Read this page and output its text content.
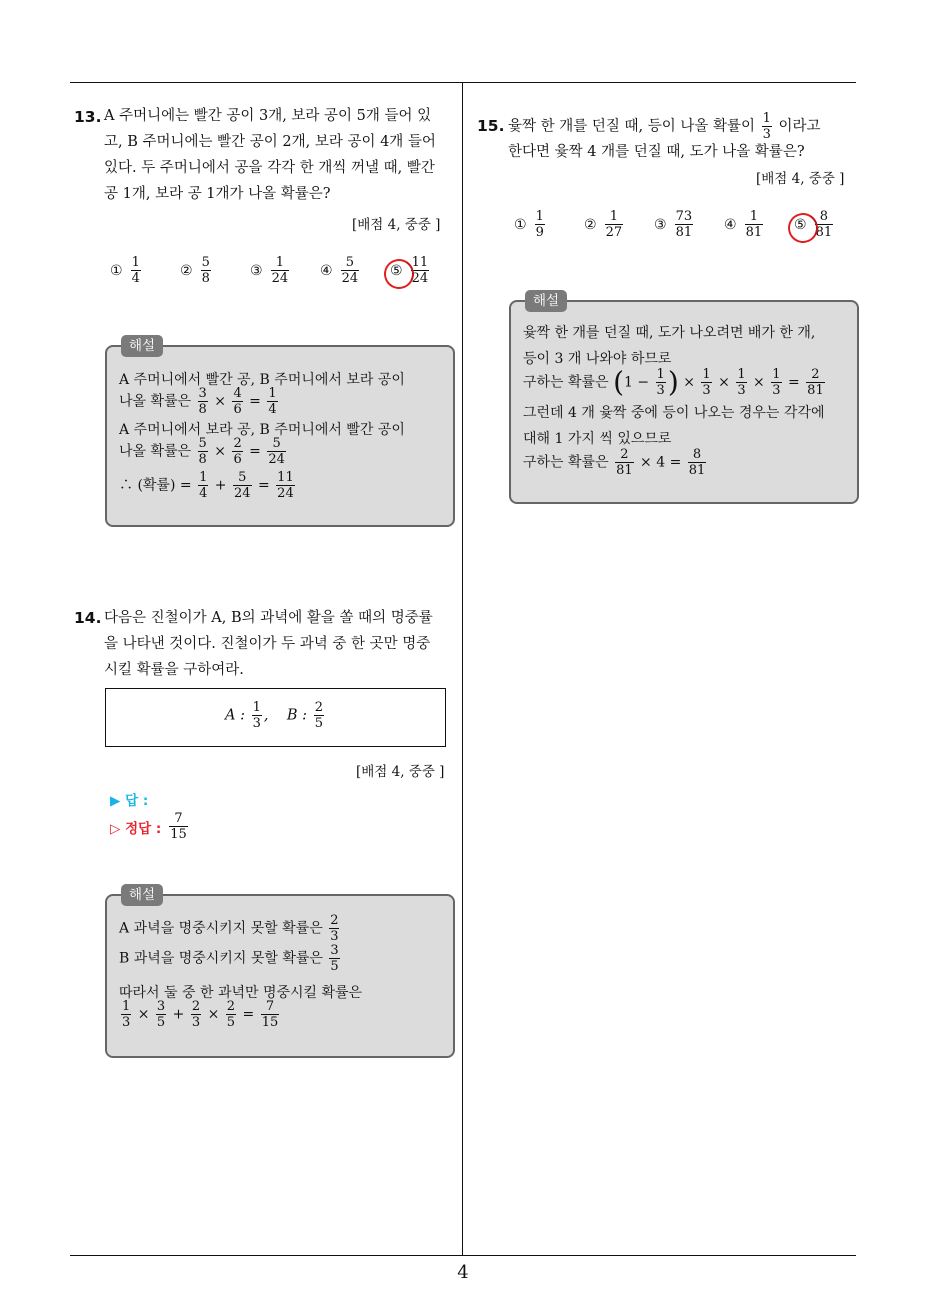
4
13. A 주머니에는 빨간 공이 3개, 보라 공이 5개 들어 있
고, B 주머니에는 빨간 공이 2개, 보라 공이 4개 들어
있다. 두 주머니에서 공을 각각 한 개씩 꺼낼 때, 빨간
공 1개, 보라 공 1개가 나올 확률은?
[배점 4, 중중 ]
① $\frac{1}{4}$	② $\frac{5}{8}$	③ $\frac{1}{24}$ ④ $\frac{5}{24}$ ⑤ $\frac{11}{24}$
해설
A 주머니에서 빨간 공, B 주머니에서 보라 공이
나올 확률은 $\frac{3}{8} \times \frac{4}{6} = \frac{1}{4}$
A 주머니에서 보라 공, B 주머니에서 빨간 공이
나올 확률은 $\frac{5}{8} \times \frac{2}{6} = \frac{5}{24}$
∴ (확률) = $\frac{1}{4} + \frac{5}{24} = \frac{11}{24}$
14. 다음은 진철이가 A, B의 과녁에 활을 쏠 때의 명중률
을 나타낸 것이다. 진철이가 두 과녁 중 한 곳만 명중
시킬 확률을 구하여라.
A : $\frac{1}{3}$ ,    B : $\frac{2}{5}$
[배점 4, 중중 ]
▶ 답 :
▷ 정답 : $\frac{7}{15}$
해설
A 과녁을 명중시키지 못할 확률은 $\frac{2}{3}$
B 과녁을 명중시키지 못할 확률은 $\frac{3}{5}$
따라서 둘 중 한 과녁만 명중시킬 확률은
$\frac{1}{3} \times \frac{3}{5} + \frac{2}{3} \times \frac{2}{5} = \frac{7}{15}$
15. 윷짝 한 개를 던질 때, 등이 나올 확률이 $\frac{1}{3}$ 이라고
한다면 윷짝 4 개를 던질 때, 도가 나올 확률은?
[배점 4, 중중 ]
① $\frac{1}{9}$	② $\frac{1}{27}$ ③ $\frac{73}{81}$ ④ $\frac{1}{81}$ ⑤ $\frac{8}{81}$
해설
윷짝 한 개를 던질 때, 도가 나오려면 배가 한 개,
등이 3 개 나와야 하므로
구하는 확률은 ($1 - \frac{1}{3}$ ) × $\frac{1}{3} \times \frac{1}{3} \times \frac{1}{3} = \frac{2}{81}$
그런데 4 개 윷짝 중에 등이 나오는 경우는 각각에
대해 1 가지 씩 있으므로
구하는 확률은 $\frac{2}{81} \times 4 = \frac{8}{81}$
